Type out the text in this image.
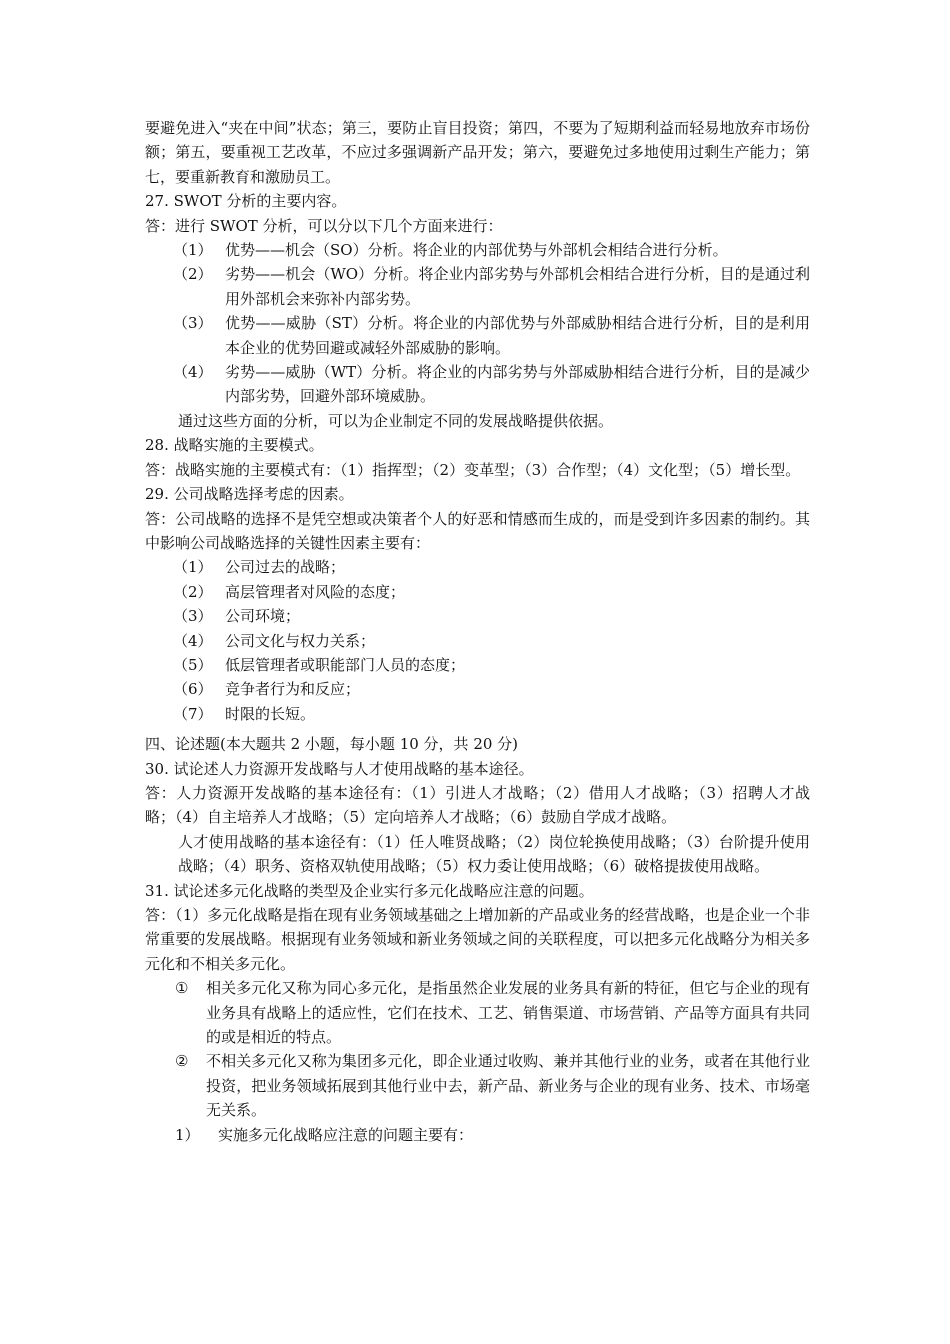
要避免进入“夹在中间”状态；第三，要防止盲目投资；第四，不要为了短期利益而轻易地放弃市场份额；第五，要重视工艺改革，不应过多强调新产品开发；第六，要避免过多地使用过剩生产能力；第七，要重新教育和激励员工。

27. SWOT 分析的主要内容。

答：进行 SWOT 分析，可以分以下几个方面来进行：

（1） 优势——机会（SO）分析。将企业的内部优势与外部机会相结合进行分析。
（2） 劣势——机会（WO）分析。将企业内部劣势与外部机会相结合进行分析，目的是通过利用外部机会来弥补内部劣势。
（3） 优势——威胁（ST）分析。将企业的内部优势与外部威胁相结合进行分析，目的是利用本企业的优势回避或减轻外部威胁的影响。
（4） 劣势——威胁（WT）分析。将企业的内部劣势与外部威胁相结合进行分析，目的是减少内部劣势，回避外部环境威胁。

通过这些方面的分析，可以为企业制定不同的发展战略提供依据。

28. 战略实施的主要模式。

答：战略实施的主要模式有：（1）指挥型；（2）变革型；（3）合作型；（4）文化型；（5）增长型。

29. 公司战略选择考虑的因素。

答：公司战略的选择不是凭空想或决策者个人的好恶和情感而生成的，而是受到许多因素的制约。其中影响公司战略选择的关键性因素主要有：

（1） 公司过去的战略；
（2） 高层管理者对风险的态度；
（3） 公司环境；
（4） 公司文化与权力关系；
（5） 低层管理者或职能部门人员的态度；
（6） 竞争者行为和反应；
（7） 时限的长短。

四、论述题(本大题共 2 小题，每小题 10 分，共 20 分)

30. 试论述人力资源开发战略与人才使用战略的基本途径。

答：人力资源开发战略的基本途径有：（1）引进人才战略；（2）借用人才战略；（3）招聘人才战略；（4）自主培养人才战略；（5）定向培养人才战略；（6）鼓励自学成才战略。

人才使用战略的基本途径有：（1）任人唯贤战略；（2）岗位轮换使用战略；（3）台阶提升使用战略；（4）职务、资格双轨使用战略；（5）权力委让使用战略；（6）破格提拔使用战略。

31. 试论述多元化战略的类型及企业实行多元化战略应注意的问题。

答：（1）多元化战略是指在现有业务领域基础之上增加新的产品或业务的经营战略，也是企业一个非常重要的发展战略。根据现有业务领域和新业务领域之间的关联程度，可以把多元化战略分为相关多元化和不相关多元化。

①	相关多元化又称为同心多元化，是指虽然企业发展的业务具有新的特征，但它与企业的现有业务具有战略上的适应性，它们在技术、工艺、销售渠道、市场营销、产品等方面具有共同的或是相近的特点。
②	不相关多元化又称为集团多元化，即企业通过收购、兼并其他行业的业务，或者在其他行业投资，把业务领域拓展到其他行业中去，新产品、新业务与企业的现有业务、技术、市场毫无关系。
1）	实施多元化战略应注意的问题主要有：
